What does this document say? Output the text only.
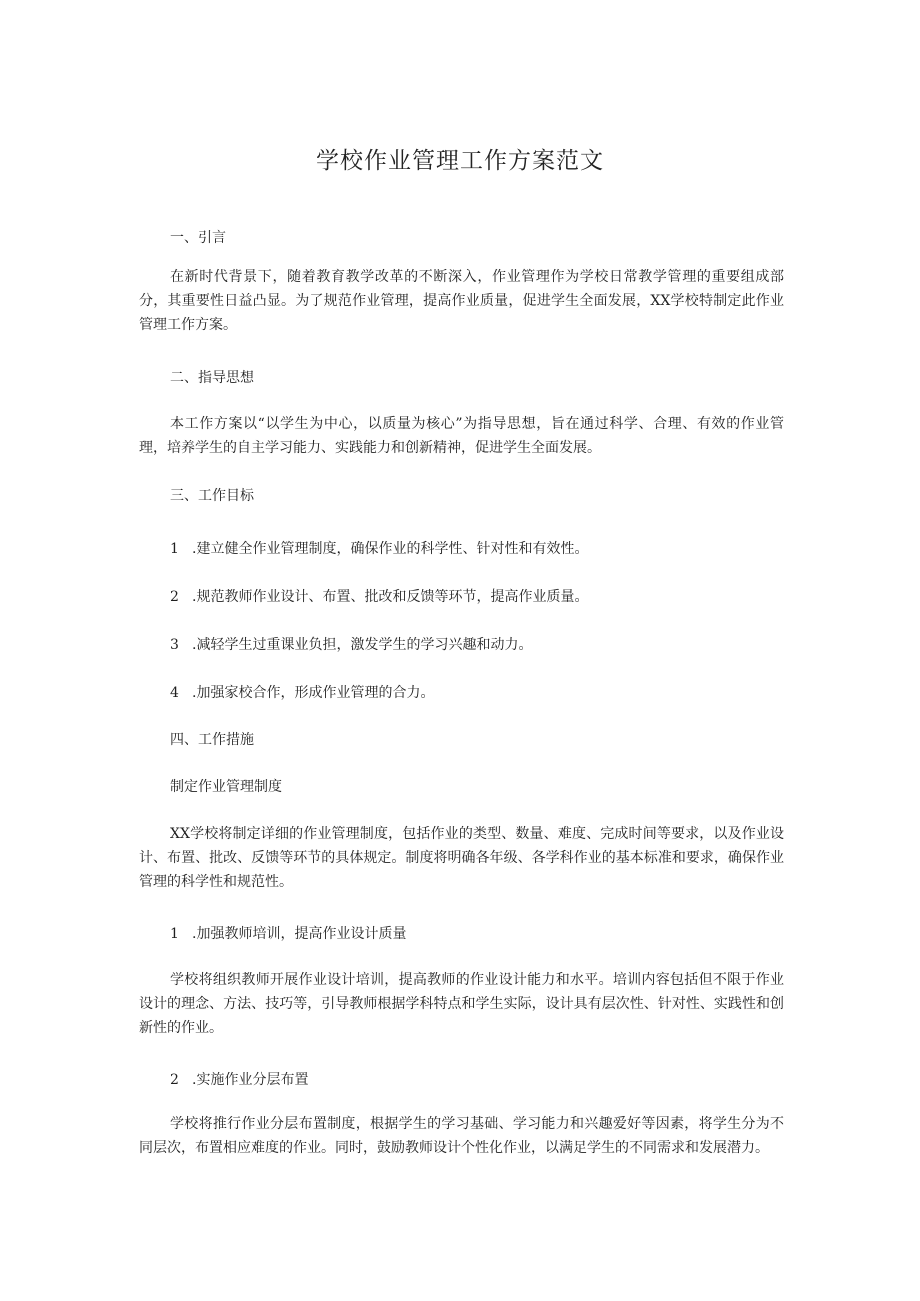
学校作业管理工作方案范文
一、引言
在新时代背景下，随着教育教学改革的不断深入，作业管理作为学校日常教学管理的重要组成部分，其重要性日益凸显。为了规范作业管理，提高作业质量，促进学生全面发展，XX学校特制定此作业管理工作方案。
二、指导思想
本工作方案以“以学生为中心，以质量为核心”为指导思想，旨在通过科学、合理、有效的作业管理，培养学生的自主学习能力、实践能力和创新精神，促进学生全面发展。
三、工作目标
1 .建立健全作业管理制度，确保作业的科学性、针对性和有效性。
2 .规范教师作业设计、布置、批改和反馈等环节，提高作业质量。
3 .减轻学生过重课业负担，激发学生的学习兴趣和动力。
4 .加强家校合作，形成作业管理的合力。
四、工作措施
制定作业管理制度
XX学校将制定详细的作业管理制度，包括作业的类型、数量、难度、完成时间等要求，以及作业设计、布置、批改、反馈等环节的具体规定。制度将明确各年级、各学科作业的基本标准和要求，确保作业管理的科学性和规范性。
1 .加强教师培训，提高作业设计质量
学校将组织教师开展作业设计培训，提高教师的作业设计能力和水平。培训内容包括但不限于作业设计的理念、方法、技巧等，引导教师根据学科特点和学生实际，设计具有层次性、针对性、实践性和创新性的作业。
2 .实施作业分层布置
学校将推行作业分层布置制度，根据学生的学习基础、学习能力和兴趣爱好等因素，将学生分为不同层次，布置相应难度的作业。同时，鼓励教师设计个性化作业，以满足学生的不同需求和发展潜力。
